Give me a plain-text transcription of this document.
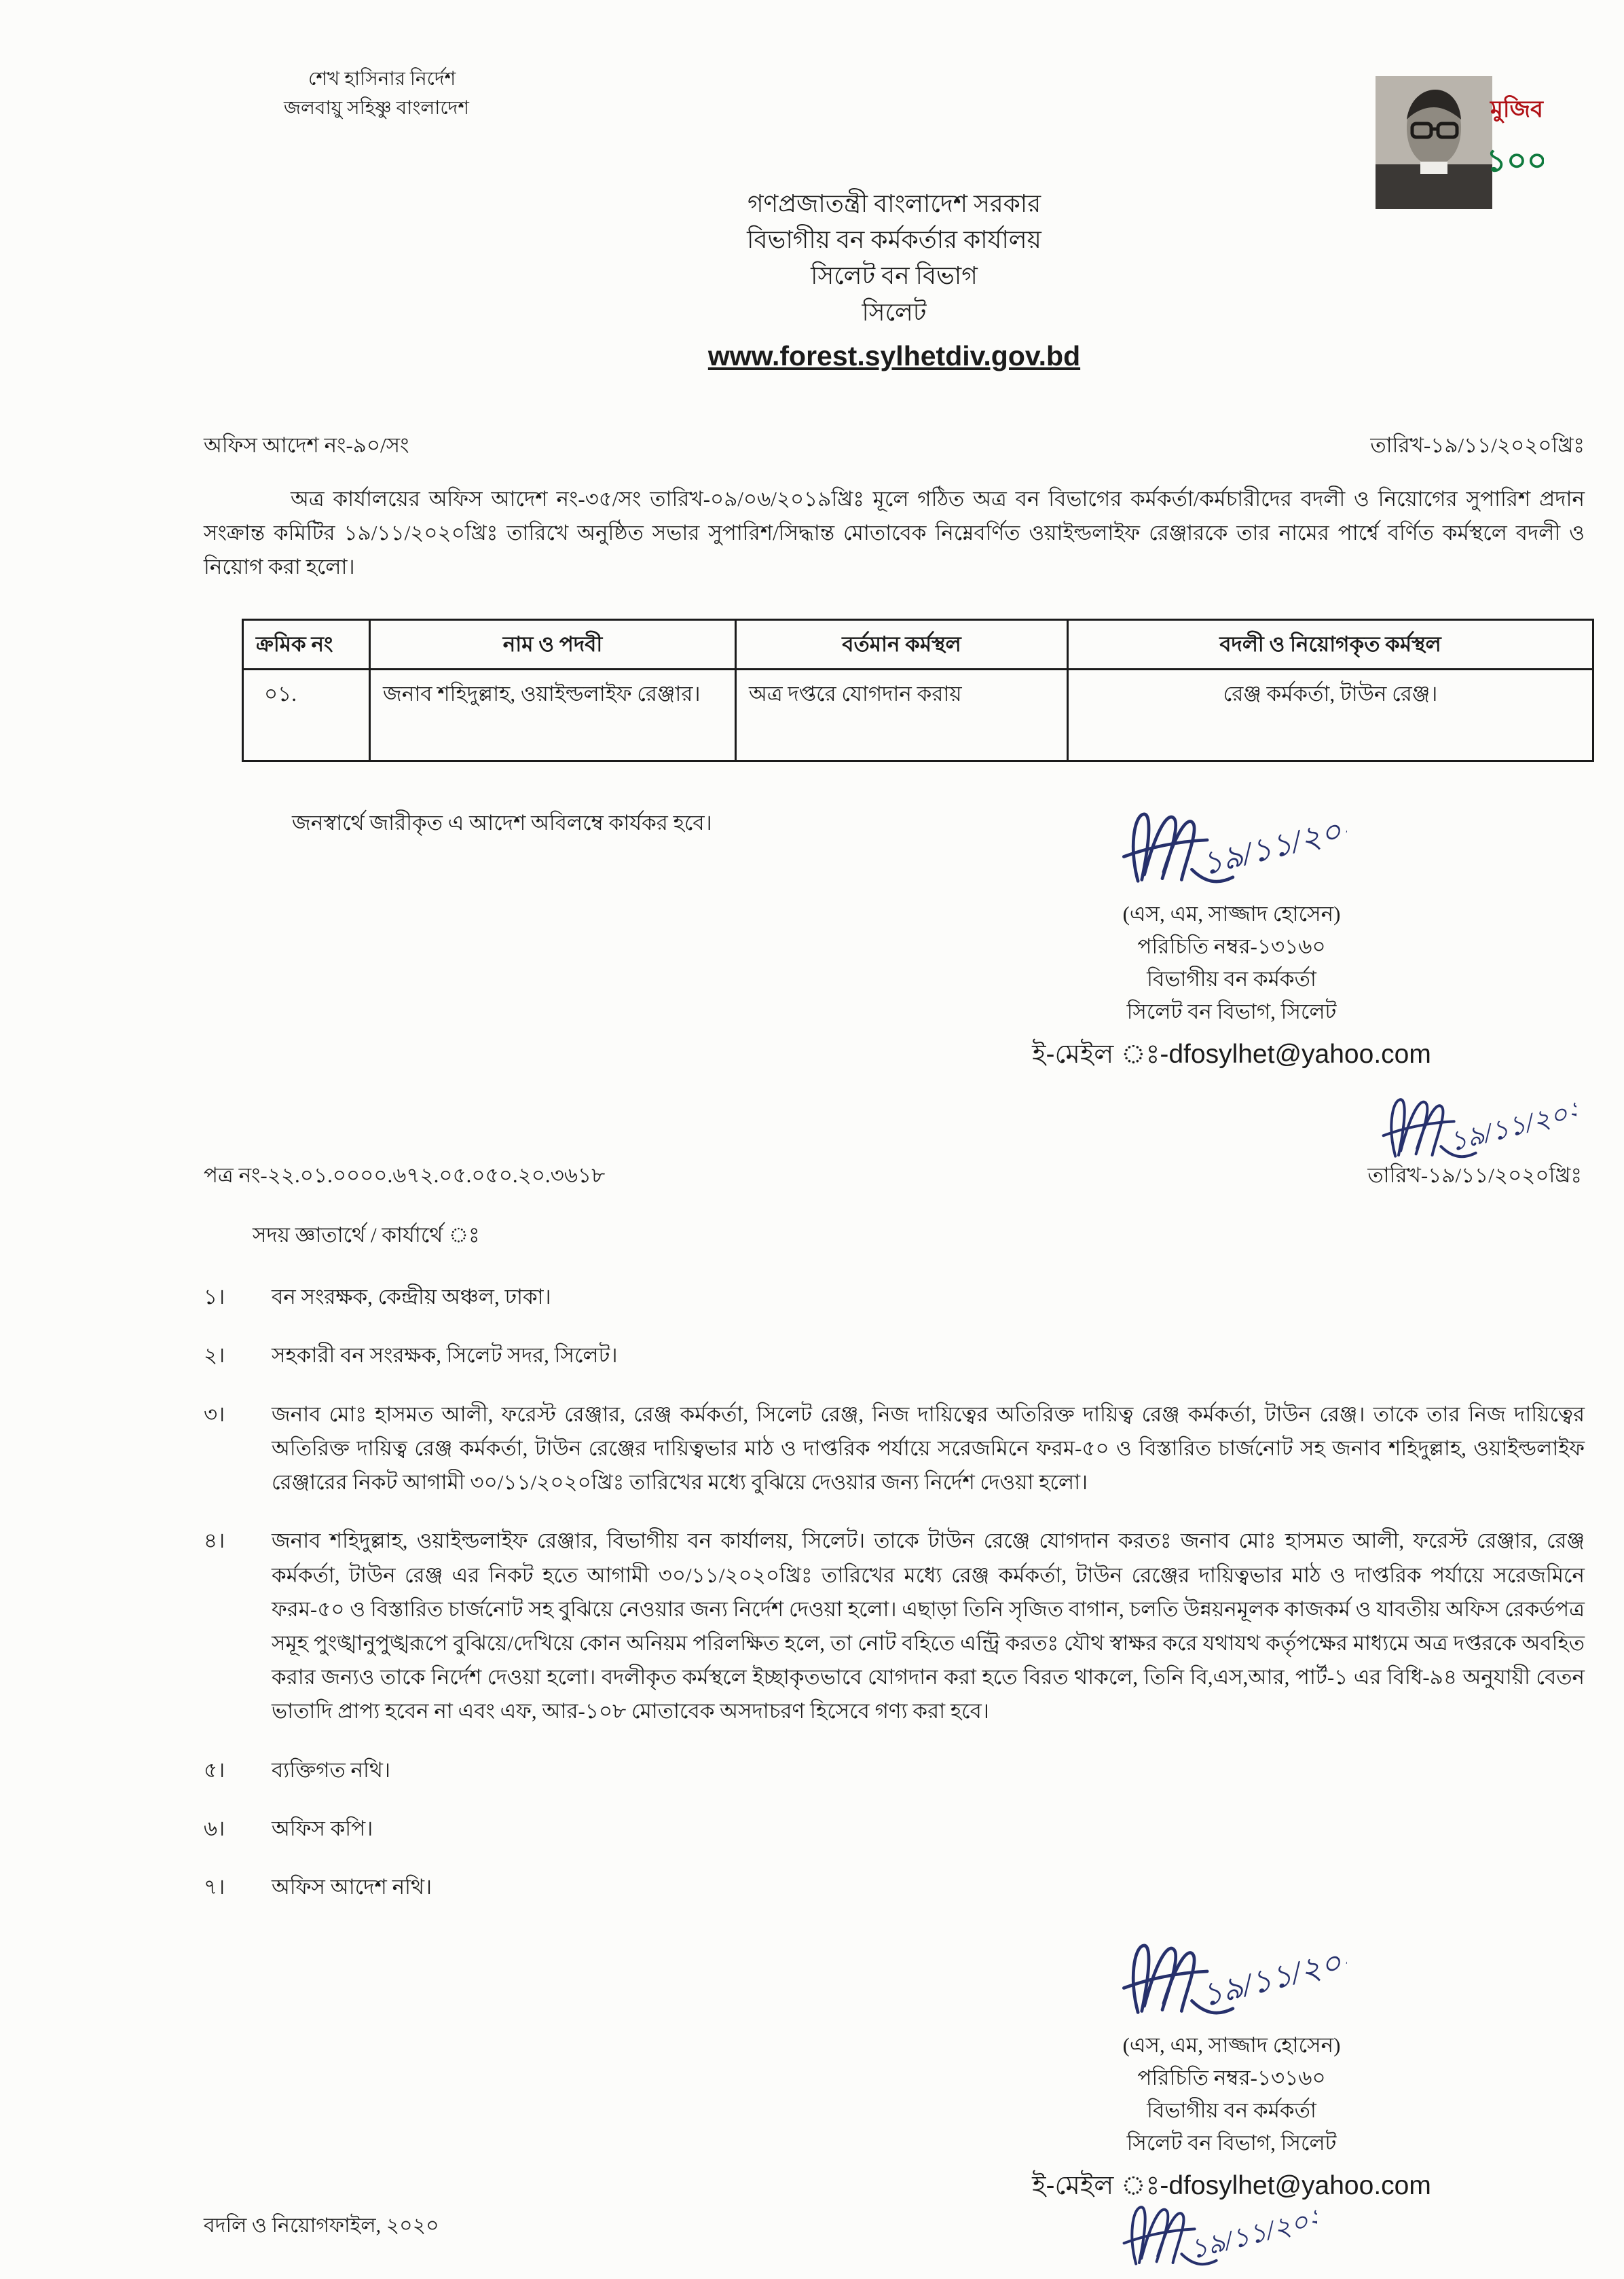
শেখ হাসিনার নির্দেশ
জলবায়ু সহিষ্ণু বাংলাদেশ
গণপ্রজাতন্ত্রী বাংলাদেশ সরকার
বিভাগীয় বন কর্মকর্তার কার্যালয়
সিলেট বন বিভাগ
সিলেট
www.forest.sylhetdiv.gov.bd
অফিস আদেশ নং-৯০/সং	তারিখ-১৯/১১/২০২০খ্রিঃ

অত্র কার্যালয়ের অফিস আদেশ নং-৩৫/সং তারিখ-০৯/০৬/২০১৯খ্রিঃ মূলে গঠিত অত্র বন বিভাগের কর্মকর্তা/কর্মচারীদের বদলী ও নিয়োগের সুপারিশ প্রদান সংক্রান্ত কমিটির ১৯/১১/২০২০খ্রিঃ তারিখে অনুষ্ঠিত সভার সুপারিশ/সিদ্ধান্ত মোতাবেক নিম্নেবর্ণিত ওয়াইল্ডলাইফ রেঞ্জারকে তার নামের পার্শ্বে বর্ণিত কর্মস্থলে বদলী ও নিয়োগ করা হলো।

ক্রমিক নং	নাম ও পদবী	বর্তমান কর্মস্থল	বদলী ও নিয়োগকৃত কর্মস্থল
০১.	জনাব শহিদুল্লাহ, ওয়াইল্ডলাইফ রেঞ্জার।	অত্র দপ্তরে যোগদান করায়	রেঞ্জ কর্মকর্তা, টাউন রেঞ্জ।
জনস্বার্থে জারীকৃত এ আদেশ অবিলম্বে কার্যকর হবে।
(এস, এম, সাজ্জাদ হোসেন)
পরিচিতি নম্বর-১৩১৬০
বিভাগীয় বন কর্মকর্তা
সিলেট বন বিভাগ, সিলেট
ই-মেইল ঃ-dfosylhet@yahoo.com
পত্র নং-২২.০১.০০০০.৬৭২.০৫.০৫০.২০.৩৬১৮	তারিখ-১৯/১১/২০২০খ্রিঃ
সদয় জ্ঞাতার্থে / কার্যার্থে ঃ
১।	বন সংরক্ষক, কেন্দ্রীয় অঞ্চল, ঢাকা।
২।	সহকারী বন সংরক্ষক, সিলেট সদর, সিলেট।
৩।	জনাব মোঃ হাসমত আলী, ফরেস্ট রেঞ্জার, রেঞ্জ কর্মকর্তা, সিলেট রেঞ্জ, নিজ দায়িত্বের অতিরিক্ত দায়িত্ব রেঞ্জ কর্মকর্তা, টাউন রেঞ্জ। তাকে তার নিজ দায়িত্বের অতিরিক্ত দায়িত্ব রেঞ্জ কর্মকর্তা, টাউন রেঞ্জের দায়িত্বভার মাঠ ও দাপ্তরিক পর্যায়ে সরেজমিনে ফরম-৫০ ও বিস্তারিত চার্জনোট সহ জনাব শহিদুল্লাহ, ওয়াইল্ডলাইফ রেঞ্জারের নিকট আগামী ৩০/১১/২০২০খ্রিঃ তারিখের মধ্যে বুঝিয়ে দেওয়ার জন্য নির্দেশ দেওয়া হলো।
৪।	জনাব শহিদুল্লাহ, ওয়াইল্ডলাইফ রেঞ্জার, বিভাগীয় বন কার্যালয়, সিলেট। তাকে টাউন রেঞ্জে যোগদান করতঃ জনাব মোঃ হাসমত আলী, ফরেস্ট রেঞ্জার, রেঞ্জ কর্মকর্তা, টাউন রেঞ্জ এর নিকট হতে আগামী ৩০/১১/২০২০খ্রিঃ তারিখের মধ্যে রেঞ্জ কর্মকর্তা, টাউন রেঞ্জের দায়িত্বভার মাঠ ও দাপ্তরিক পর্যায়ে সরেজমিনে ফরম-৫০ ও বিস্তারিত চার্জনোট সহ বুঝিয়ে নেওয়ার জন্য নির্দেশ দেওয়া হলো। এছাড়া তিনি সৃজিত বাগান, চলতি উন্নয়নমূলক কাজকর্ম ও যাবতীয় অফিস রেকর্ডপত্র সমূহ পুংঙ্খানুপুঙ্খরূপে বুঝিয়ে/দেখিয়ে কোন অনিয়ম পরিলক্ষিত হলে, তা নোট বহিতে এন্ট্রি করতঃ যৌথ স্বাক্ষর করে যথাযথ কর্তৃপক্ষের মাধ্যমে অত্র দপ্তরকে অবহিত করার জন্যও তাকে নির্দেশ দেওয়া হলো। বদলীকৃত কর্মস্থলে ইচ্ছাকৃতভাবে যোগদান করা হতে বিরত থাকলে, তিনি বি,এস,আর, পার্ট-১ এর বিধি-৯৪ অনুযায়ী বেতন ভাতাদি প্রাপ্য হবেন না এবং এফ, আর-১০৮ মোতাবেক অসদাচরণ হিসেবে গণ্য করা হবে।
৫।	ব্যক্তিগত নথি।
৬।	অফিস কপি।
৭।	অফিস আদেশ নথি।
(এস, এম, সাজ্জাদ হোসেন)
পরিচিতি নম্বর-১৩১৬০
বিভাগীয় বন কর্মকর্তা
সিলেট বন বিভাগ, সিলেট
ই-মেইল ঃ-dfosylhet@yahoo.com
মুজিব
১০০
বদলি ও নিয়োগফাইল, ২০২০
